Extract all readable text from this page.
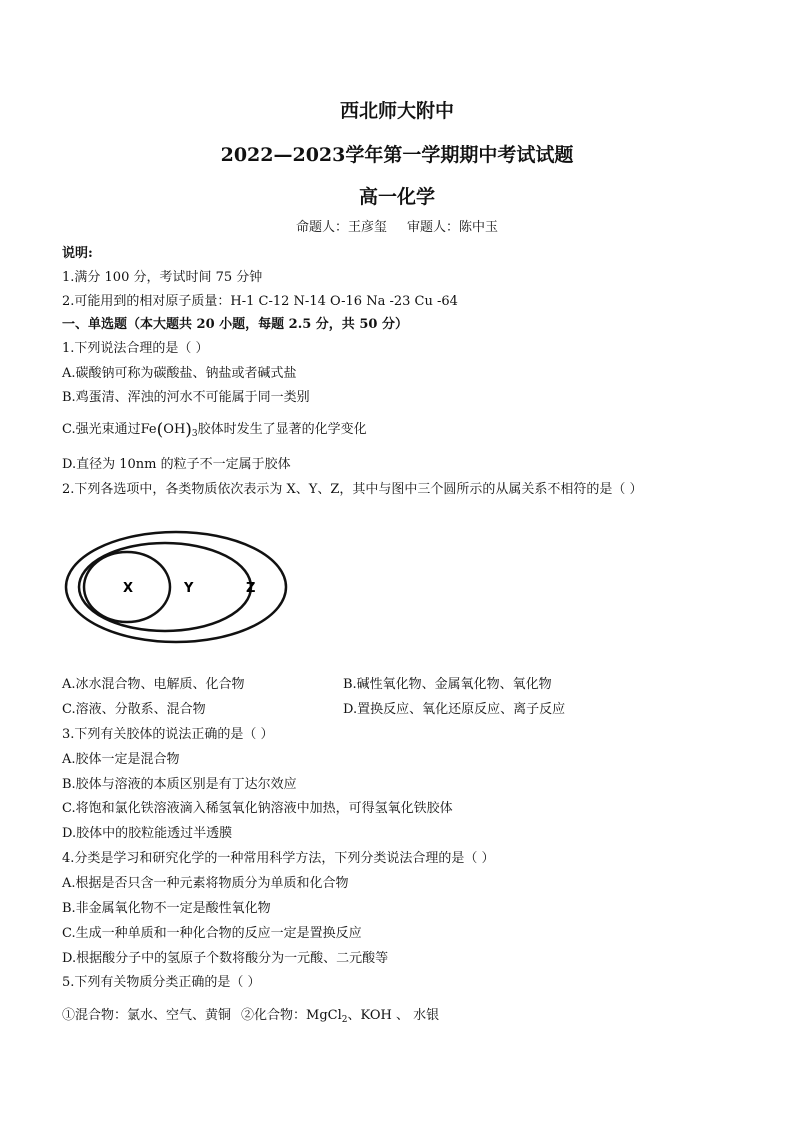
西北师大附中
2022—2023学年第一学期期中考试试题
高一化学
命题人：王彦玺 审题人：陈中玉
说明:
1.满分 100 分，考试时间 75 分钟
2.可能用到的相对原子质量：H-1 C-12 N-14 O-16 Na -23 Cu -64
一、单选题（本大题共 20 小题，每题 2.5 分，共 50 分）
1.下列说法合理的是（ ）
A.碳酸钠可称为碳酸盐、钠盐或者碱式盐
B.鸡蛋清、浑浊的河水不可能属于同一类别
C.强光束通过$Fe(OH)_3$胶体时发生了显著的化学变化
D.直径为 10nm 的粒子不一定属于胶体
2.下列各选项中，各类物质依次表示为 X、Y、Z，其中与图中三个圆所示的从属关系不相符的是（ ）
X	Y	Z
A.冰水混合物、电解质、化合物	B.碱性氧化物、金属氧化物、氧化物
C.溶液、分散系、混合物	D.置换反应、氧化还原反应、离子反应
3.下列有关胶体的说法正确的是（ ）
A.胶体一定是混合物
B.胶体与溶液的本质区别是有丁达尔效应
C.将饱和氯化铁溶液滴入稀氢氧化钠溶液中加热，可得氢氧化铁胶体
D.胶体中的胶粒能透过半透膜
4.分类是学习和研究化学的一种常用科学方法，下列分类说法合理的是（ ）
A.根据是否只含一种元素将物质分为单质和化合物
B.非金属氧化物不一定是酸性氧化物
C.生成一种单质和一种化合物的反应一定是置换反应
D.根据酸分子中的氢原子个数将酸分为一元酸、二元酸等
5.下列有关物质分类正确的是（ ）
①混合物：氯水、空气、黄铜 ②化合物：MgCl$_2$、KOH 、 水银
